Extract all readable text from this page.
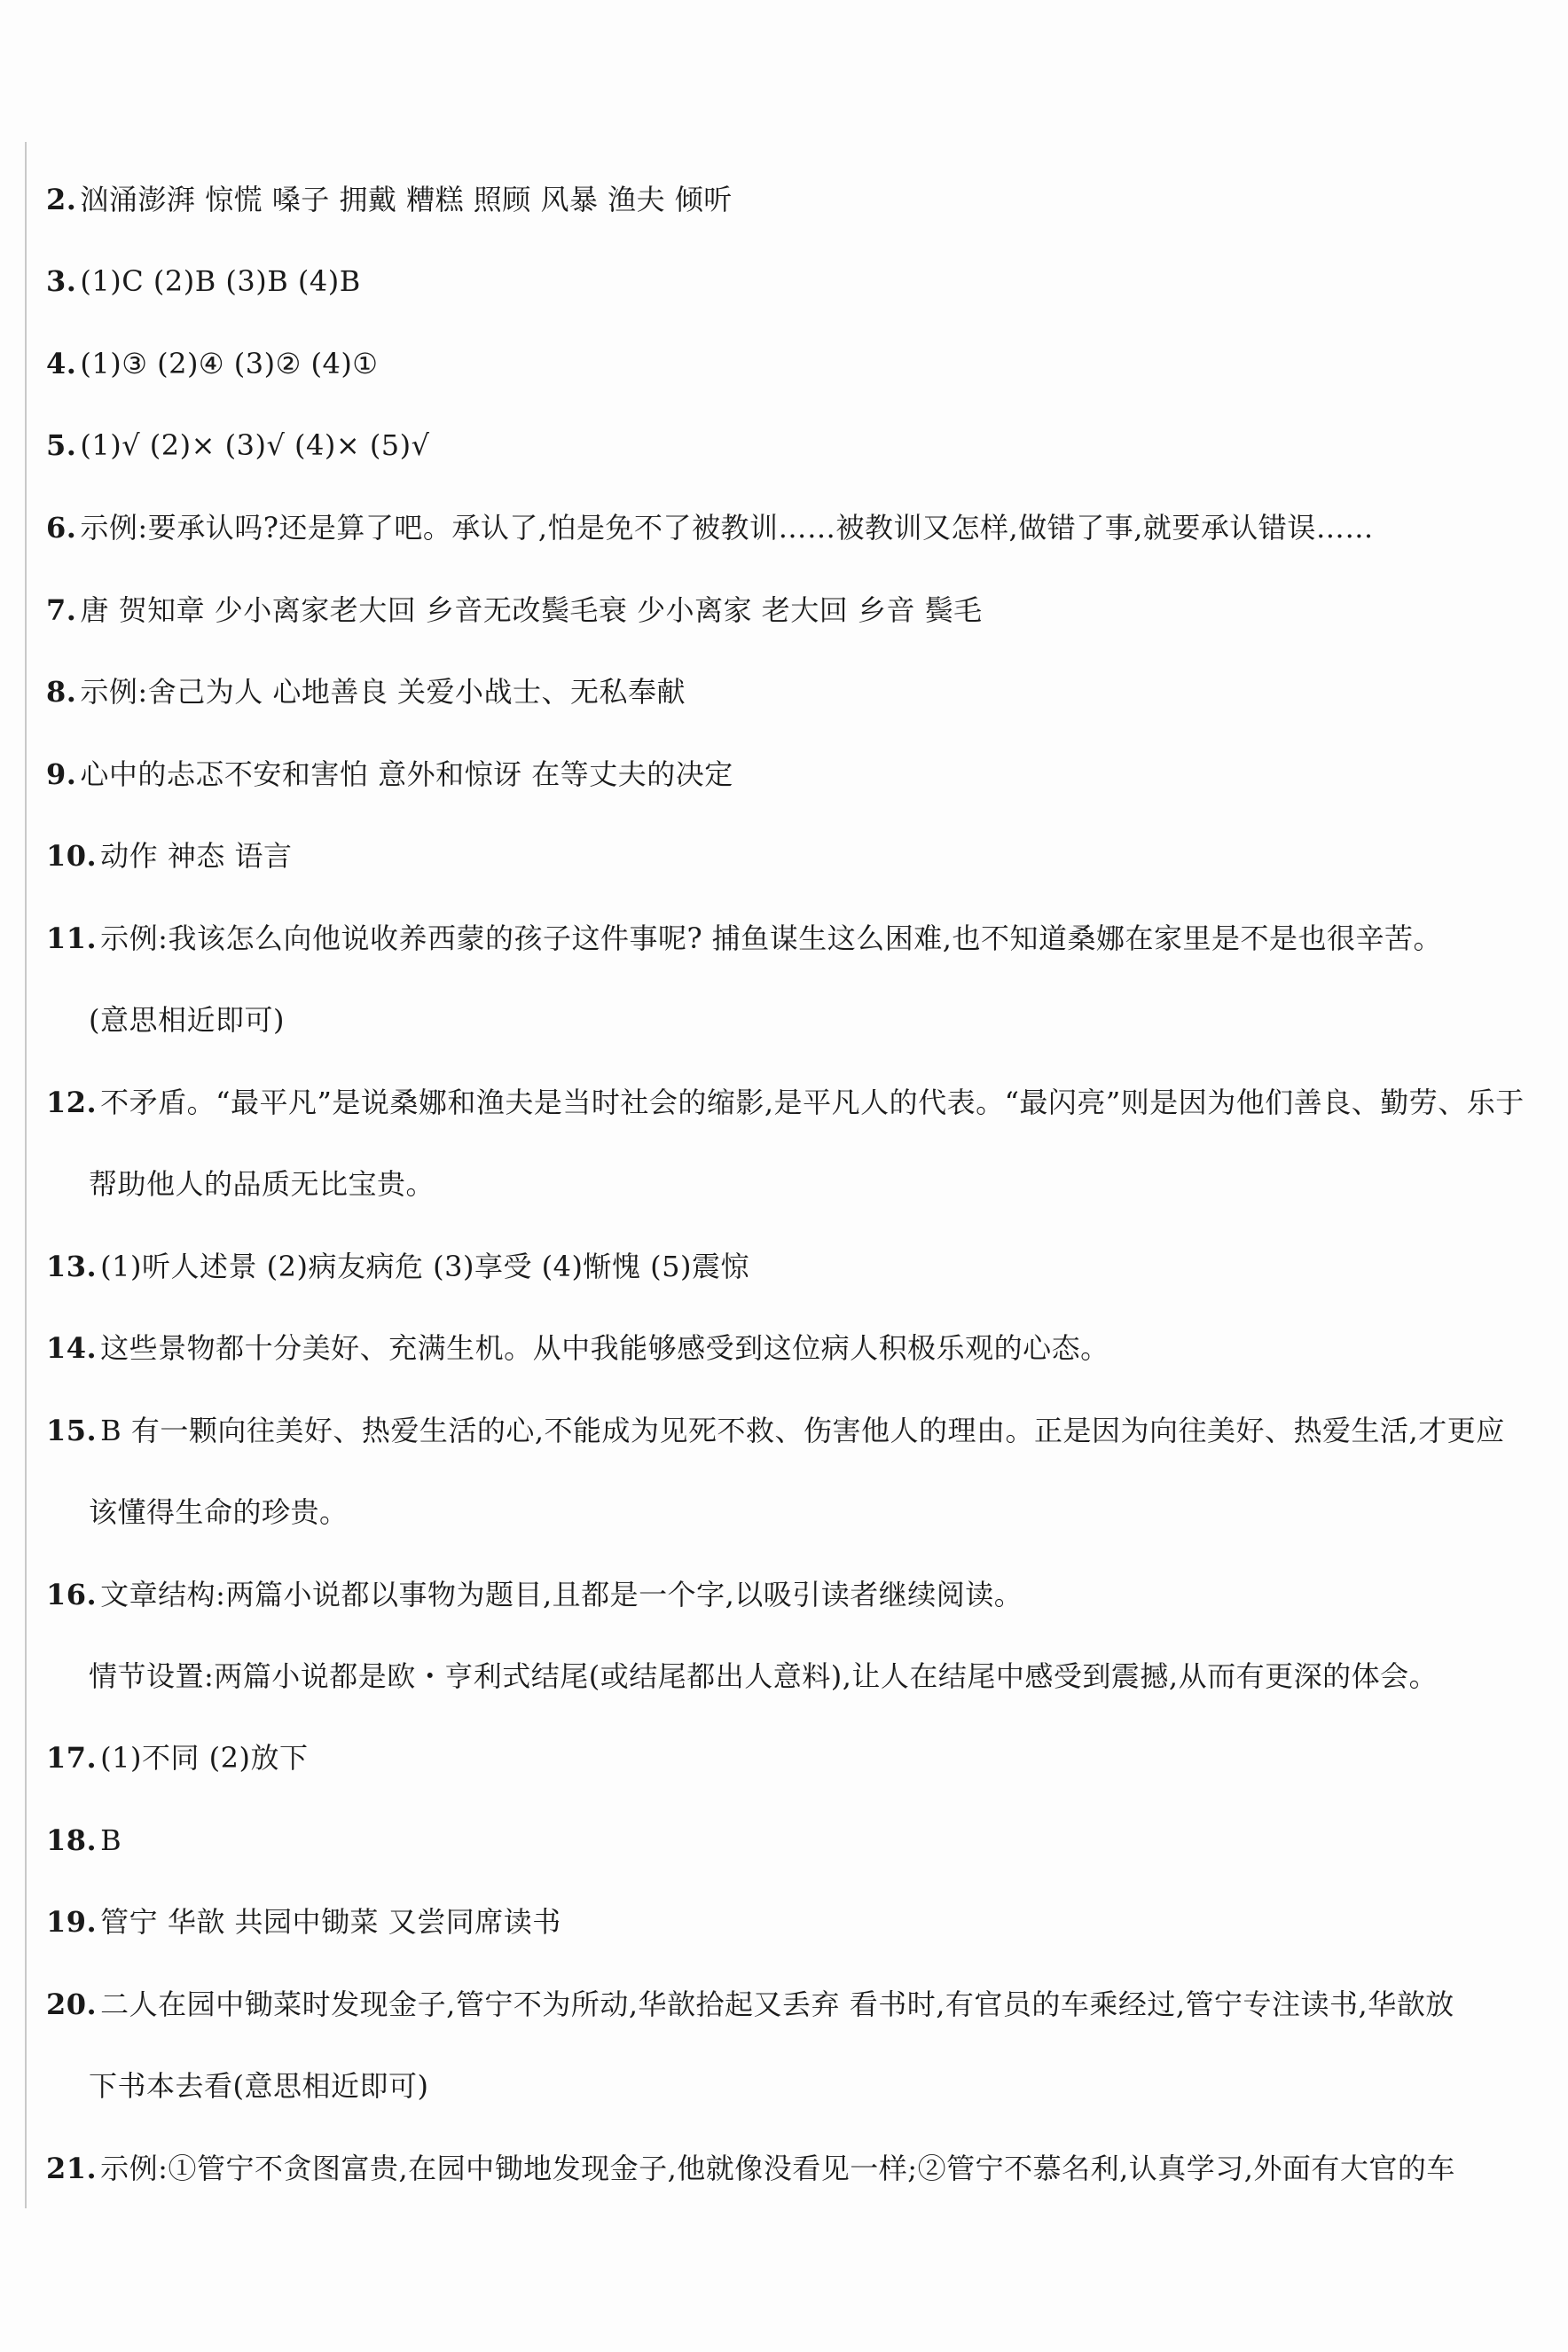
2. 汹涌澎湃 惊慌 嗓子 拥戴 糟糕 照顾 风暴 渔夫 倾听
3. (1)C (2)B (3)B (4)B
4. (1)③ (2)④ (3)② (4)①
5. (1)√ (2)× (3)√ (4)× (5)√
6. 示例:要承认吗?还是算了吧。承认了,怕是免不了被教训……被教训又怎样,做错了事,就要承认错误……
7. 唐 贺知章 少小离家老大回 乡音无改鬓毛衰 少小离家 老大回 乡音 鬓毛
8. 示例:舍己为人 心地善良 关爱小战士、无私奉献
9. 心中的忐忑不安和害怕 意外和惊讶 在等丈夫的决定
10. 动作 神态 语言
11. 示例:我该怎么向他说收养西蒙的孩子这件事呢? 捕鱼谋生这么困难,也不知道桑娜在家里是不是也很辛苦。
(意思相近即可)
12. 不矛盾。“最平凡”是说桑娜和渔夫是当时社会的缩影,是平凡人的代表。“最闪亮”则是因为他们善良、勤劳、乐于
帮助他人的品质无比宝贵。
13. (1)听人述景 (2)病友病危 (3)享受 (4)惭愧 (5)震惊
14. 这些景物都十分美好、充满生机。从中我能够感受到这位病人积极乐观的心态。
15. B 有一颗向往美好、热爱生活的心,不能成为见死不救、伤害他人的理由。正是因为向往美好、热爱生活,才更应
该懂得生命的珍贵。
16. 文章结构:两篇小说都以事物为题目,且都是一个字,以吸引读者继续阅读。
情节设置:两篇小说都是欧・亨利式结尾(或结尾都出人意料),让人在结尾中感受到震撼,从而有更深的体会。
17. (1)不同 (2)放下
18. B
19. 管宁 华歆 共园中锄菜 又尝同席读书
20. 二人在园中锄菜时发现金子,管宁不为所动,华歆拾起又丢弃 看书时,有官员的车乘经过,管宁专注读书,华歆放
下书本去看(意思相近即可)
21. 示例:①管宁不贪图富贵,在园中锄地发现金子,他就像没看见一样;②管宁不慕名利,认真学习,外面有大官的车
